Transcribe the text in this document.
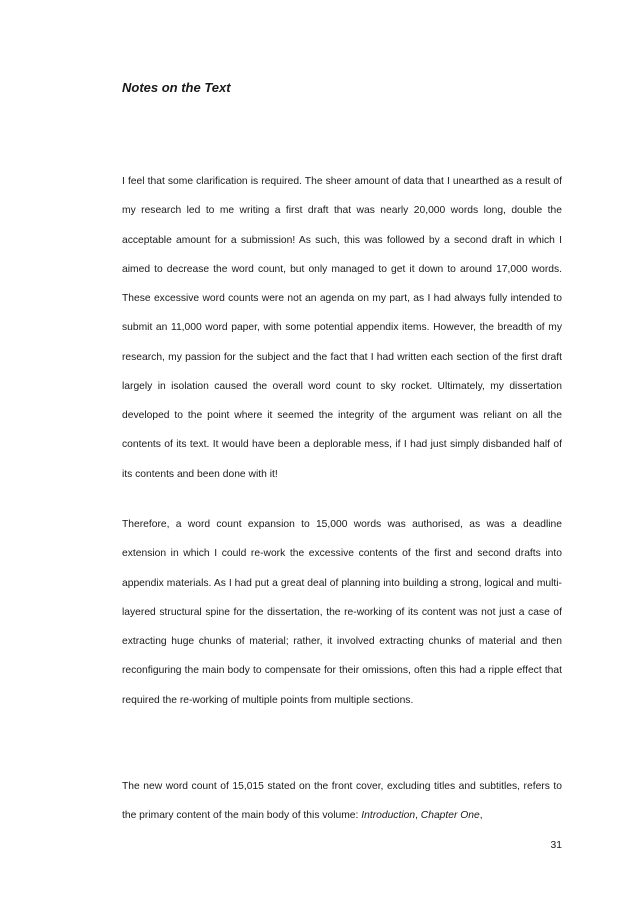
Notes on the Text

I feel that some clarification is required. The sheer amount of data that I unearthed as a result of my research led to me writing a first draft that was nearly 20,000 words long, double the acceptable amount for a submission! As such, this was followed by a second draft in which I aimed to decrease the word count, but only managed to get it down to around 17,000 words. These excessive word counts were not an agenda on my part, as I had always fully intended to submit an 11,000 word paper, with some potential appendix items. However, the breadth of my research, my passion for the subject and the fact that I had written each section of the first draft largely in isolation caused the overall word count to sky rocket. Ultimately, my dissertation developed to the point where it seemed the integrity of the argument was reliant on all the contents of its text. It would have been a deplorable mess, if I had just simply disbanded half of its contents and been done with it!

Therefore, a word count expansion to 15,000 words was authorised, as was a deadline extension in which I could re-work the excessive contents of the first and second drafts into appendix materials. As I had put a great deal of planning into building a strong, logical and multi-layered structural spine for the dissertation, the re-working of its content was not just a case of extracting huge chunks of material; rather, it involved extracting chunks of material and then reconfiguring the main body to compensate for their omissions, often this had a ripple effect that required the re-working of multiple points from multiple sections.

The new word count of 15,015 stated on the front cover, excluding titles and subtitles, refers to the primary content of the main body of this volume: Introduction, Chapter One,

31
